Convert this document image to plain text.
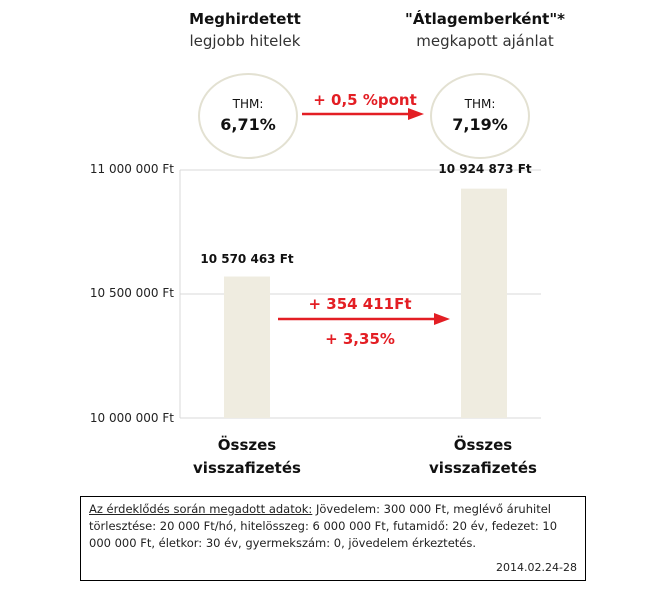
Meghirdetett
legjobb hitelek
"Átlagemberként"*
megkapott ajánlat
THM:
6,71%
THM:
7,19%
+ 0,5 %pont
11 000 000 Ft
10 500 000 Ft
10 000 000 Ft
10 570 463 Ft
10 924 873 Ft
+ 354 411Ft
+ 3,35%
Összes
visszafizetés
Összes
visszafizetés
Az érdeklődés során megadott adatok: Jövedelem: 300 000 Ft, meglévő áruhitel törlesztése: 20 000 Ft/hó, hitelösszeg: 6 000 000 Ft, futamidő: 20 év, fedezet: 10 000 000 Ft, életkor: 30 év, gyermekszám: 0, jövedelem érkeztetés.
2014.02.24-28
